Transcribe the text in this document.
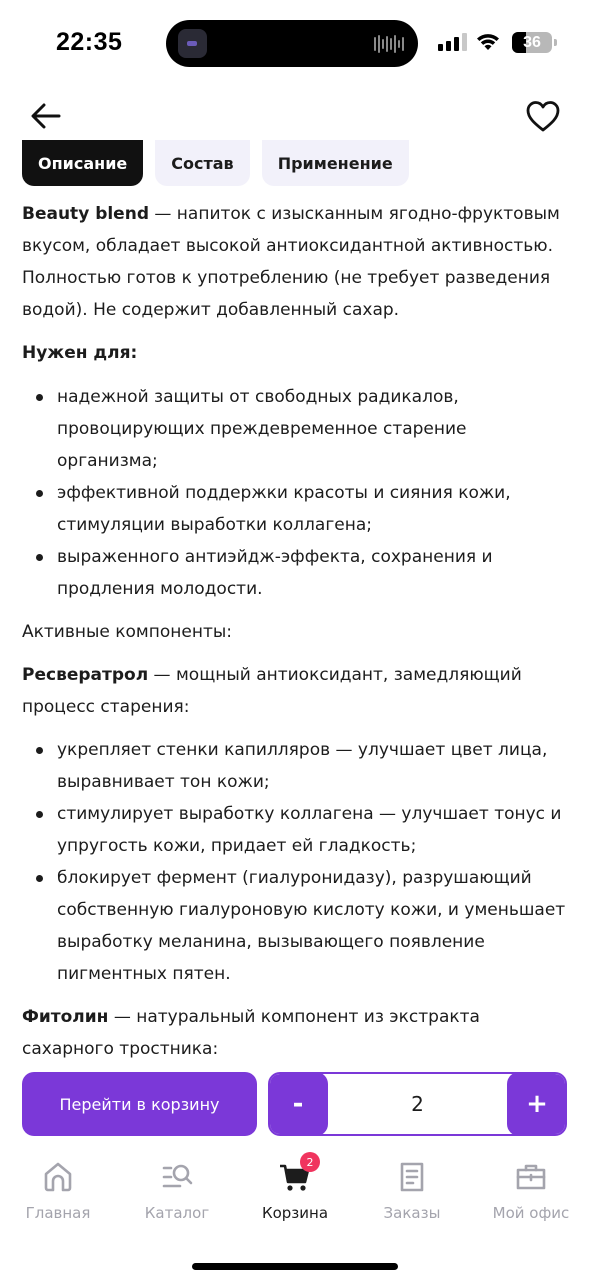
22:35	36
Описание	Состав	Применение

Beauty blend — напиток с изысканным ягодно-фруктовым вкусом, обладает высокой антиоксидантной активностью. Полностью готов к употреблению (не требует разведения водой). Не содержит добавленный сахар.

Нужен для:

надежной защиты от свободных радикалов, провоцирующих преждевременное старение организма;
эффективной поддержки красоты и сияния кожи, стимуляции выработки коллагена;
выраженного антиэйдж-эффекта, сохранения и продления молодости.

Активные компоненты:

Ресвератрол — мощный антиоксидант, замедляющий процесс старения:

укрепляет стенки капилляров — улучшает цвет лица, выравнивает тон кожи;
стимулирует выработку коллагена — улучшает тонус и упругость кожи, придает ей гладкость;
блокирует фермент (гиалуронидазу), разрушающий собственную гиалуроновую кислоту кожи, и уменьшает выработку меланина, вызывающего появление пигментных пятен.

Фитолин — натуральный компонент из экстракта сахарного тростника:

Перейти в корзину	-	2	+
Главная	Каталог
2
Корзина	Заказы	Мой офис
